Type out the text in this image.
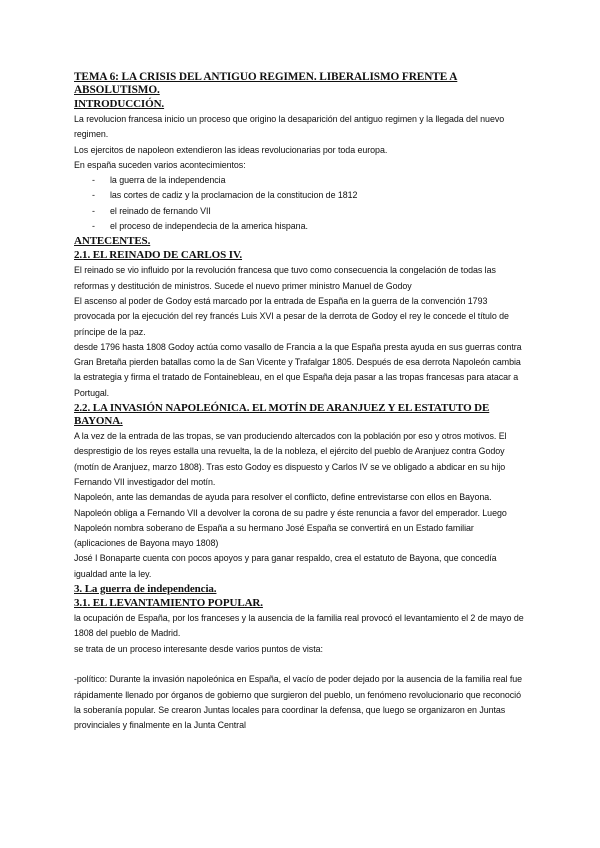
TEMA 6: LA CRISIS DEL ANTIGUO REGIMEN. LIBERALISMO FRENTE A ABSOLUTISMO.
INTRODUCCIÓN.

La revolucion francesa inicio un proceso que origino la desaparición del antiguo regimen y la llegada del nuevo regimen.

Los ejercitos de napoleon extendieron las ideas revolucionarias por toda europa.

En españa suceden varios acontecimientos:

- la guerra de la independencia
- las cortes de cadiz y la proclamacion de la constitucion de 1812
- el reinado de fernando VII
- el proceso de independecia de la america hispana.
ANTECENTES.
2.1. EL REINADO DE CARLOS IV.

El reinado se vio influido por la revolución francesa que tuvo como consecuencia la congelación de todas las reformas y destitución de ministros. Sucede el nuevo primer ministro Manuel de Godoy

El ascenso al poder de Godoy está marcado por la entrada de España en la guerra de la convención 1793 provocada por la ejecución del rey francés Luis XVI a pesar de la derrota de Godoy el rey le concede el título de príncipe de la paz.

desde 1796 hasta 1808 Godoy actúa como vasallo de Francia a la que España presta ayuda en sus guerras contra Gran Bretaña pierden batallas como la de San Vicente y Trafalgar 1805. Después de esa derrota Napoleón cambia la estrategia y firma el tratado de Fontainebleau, en el que España deja pasar a las tropas francesas para atacar a Portugal.

2.2. LA INVASIÓN NAPOLEÓNICA. EL MOTÍN DE ARANJUEZ Y EL ESTATUTO DE BAYONA.

A la vez de la entrada de las tropas, se van produciendo altercados con la población por eso y otros motivos. El desprestigio de los reyes estalla una revuelta, la de la nobleza, el ejército del pueblo de Aranjuez contra Godoy (motín de Aranjuez, marzo 1808). Tras esto Godoy es dispuesto y Carlos IV se ve obligado a abdicar en su hijo Fernando VII investigador del motín.

Napoleón, ante las demandas de ayuda para resolver el conflicto, define entrevistarse con ellos en Bayona. Napoleón obliga a Fernando VII a devolver la corona de su padre y éste renuncia a favor del emperador. Luego Napoleón nombra soberano de España a su hermano José España se convertirá en un Estado familiar (aplicaciones de Bayona mayo 1808)

José I Bonaparte cuenta con pocos apoyos y para ganar respaldo, crea el estatuto de Bayona, que concedía igualdad ante la ley.

3. La guerra de independencia.
3.1. EL LEVANTAMIENTO POPULAR.

la ocupación de España, por los franceses y la ausencia de la familia real provocó el levantamiento el 2 de mayo de 1808 del pueblo de Madrid.

se trata de un proceso interesante desde varios puntos de vista:

-político: Durante la invasión napoleónica en España, el vacío de poder dejado por la ausencia de la familia real fue rápidamente llenado por órganos de gobierno que surgieron del pueblo, un fenómeno revolucionario que reconoció la soberanía popular. Se crearon Juntas locales para coordinar la defensa, que luego se organizaron en Juntas provinciales y finalmente en la Junta Central
